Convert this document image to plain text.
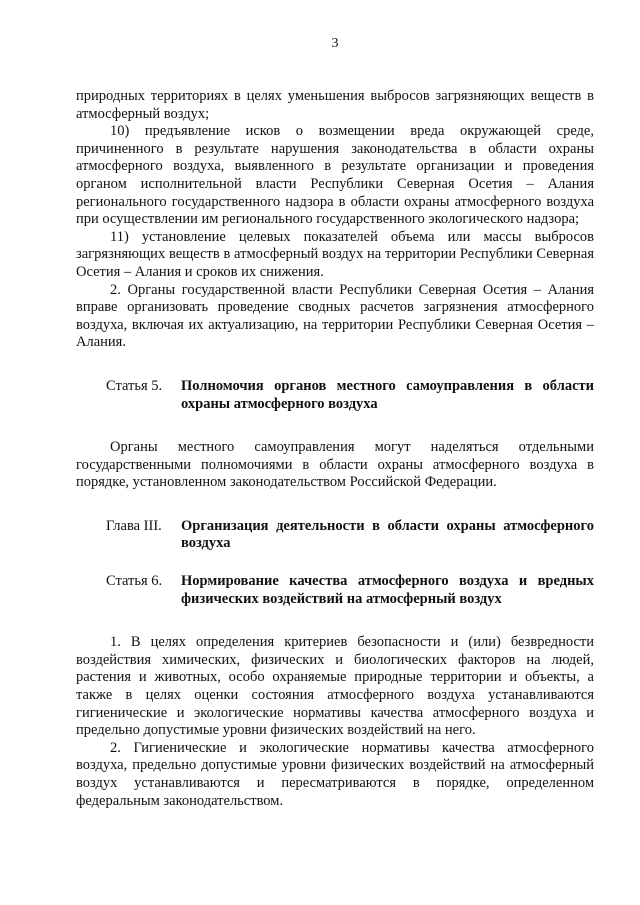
3

природных территориях в целях уменьшения выбросов загрязняющих веществ в атмосферный воздух;

10) предъявление исков о возмещении вреда окружающей среде, причиненного в результате нарушения законодательства в области охраны атмосферного воздуха, выявленного в результате организации и проведения органом исполнительной власти Республики Северная Осетия – Алания регионального государственного надзора в области охраны атмосферного воздуха при осуществлении им регионального государственного экологического надзора;

11) установление целевых показателей объема или массы выбросов загрязняющих веществ в атмосферный воздух на территории Республики Северная Осетия – Алания и сроков их снижения.

2. Органы государственной власти Республики Северная Осетия – Алания вправе организовать проведение сводных расчетов загрязнения атмосферного воздуха, включая их актуализацию, на территории Республики Северная Осетия – Алания.

Статья 5.	Полномочия органов местного самоуправления в области охраны атмосферного воздуха

Органы местного самоуправления могут наделяться отдельными государственными полномочиями в области охраны атмосферного воздуха в порядке, установленном законодательством Российской Федерации.

Глава III.	Организация деятельности в области охраны атмосферного воздуха
Статья 6.	Нормирование качества атмосферного воздуха и вредных физических воздействий на атмосферный воздух

1. В целях определения критериев безопасности и (или) безвредности воздействия химических, физических и биологических факторов на людей, растения и животных, особо охраняемые природные территории и объекты, а также в целях оценки состояния атмосферного воздуха устанавливаются гигиенические и экологические нормативы качества атмосферного воздуха и предельно допустимые уровни физических воздействий на него.

2. Гигиенические и экологические нормативы качества атмосферного воздуха, предельно допустимые уровни физических воздействий на атмосферный воздух устанавливаются и пересматриваются в порядке, определенном федеральным законодательством.
